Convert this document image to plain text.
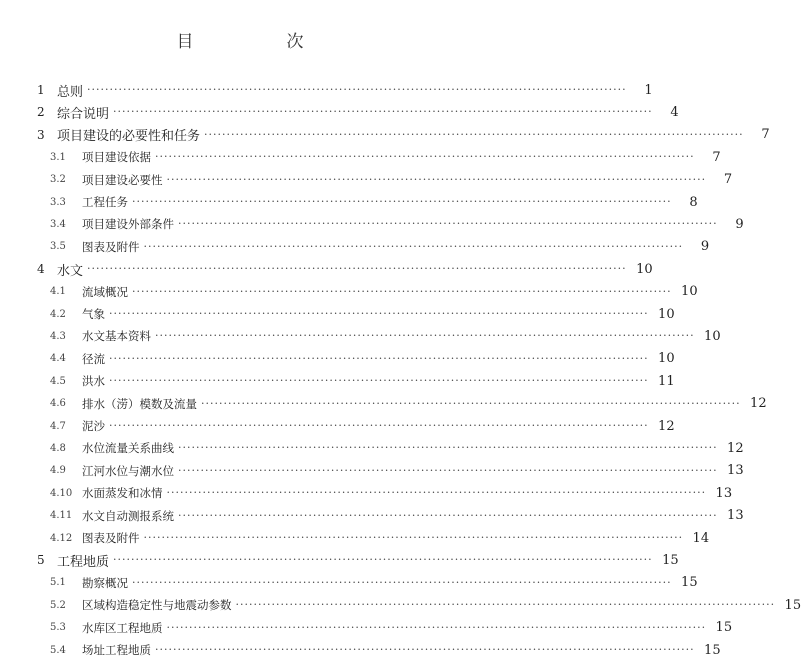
目　次
1 总则 ························································································································	1
2 综合说明 ························································································································	4
3 项目建设的必要性和任务 ························································································································	7
3.1	项目建设依据 ························································································································	7
3.2	项目建设必要性 ························································································································	7
3.3	工程任务 ························································································································	8
3.4	项目建设外部条件 ························································································································	9
3.5	图表及附件 ························································································································	9
4 水文 ························································································································ 10
4.1	流域概况 ························································································································ 10
4.2	气象 ························································································································ 10
4.3	水文基本资料 ························································································································ 10
4.4	径流 ························································································································ 10
4.5	洪水 ························································································································ 11
4.6	排水（涝）模数及流量 ························································································································ 12
4.7	泥沙 ························································································································ 12
4.8	水位流量关系曲线 ························································································································ 12
4.9	江河水位与潮水位 ························································································································ 13
4.10 水面蒸发和冰情 ························································································································ 13
4.11 水文自动测报系统 ························································································································ 13
4.12 图表及附件 ························································································································ 14
5 工程地质 ························································································································ 15
5.1	勘察概况 ························································································································ 15
5.2	区域构造稳定性与地震动参数 ························································································································ 15
5.3	水库区工程地质 ························································································································ 15
5.4	场址工程地质 ························································································································ 15
